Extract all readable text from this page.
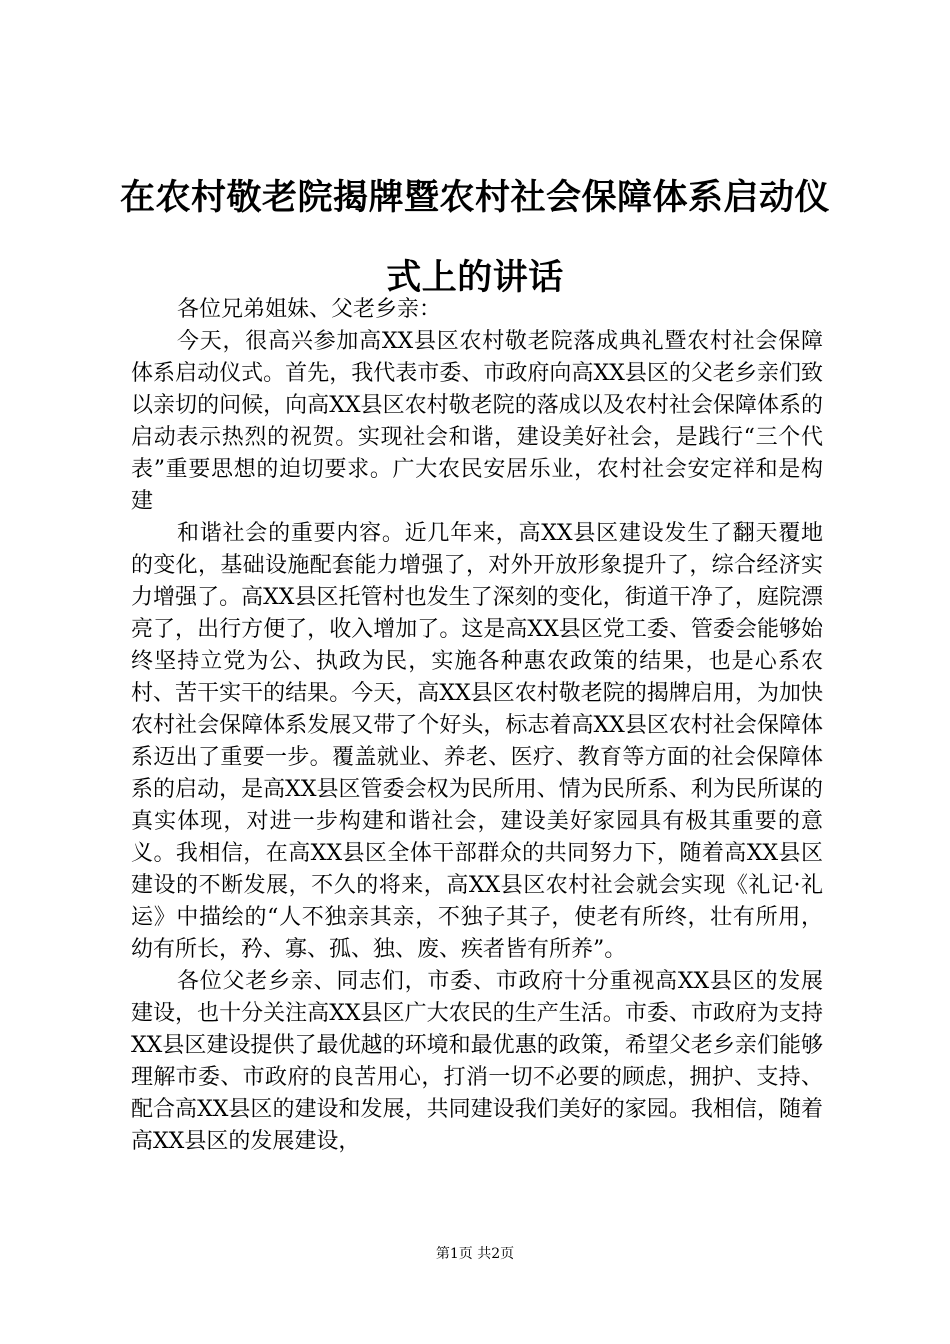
在农村敬老院揭牌暨农村社会保障体系启动仪式上的讲话

各位兄弟姐妹、父老乡亲：

今天，很高兴参加高XX县区农村敬老院落成典礼暨农村社会保障体系启动仪式。首先，我代表市委、市政府向高XX县区的父老乡亲们致以亲切的问候，向高XX县区农村敬老院的落成以及农村社会保障体系的启动表示热烈的祝贺。实现社会和谐，建设美好社会，是践行“三个代表”重要思想的迫切要求。广大农民安居乐业，农村社会安定祥和是构建

和谐社会的重要内容。近几年来，高XX县区建设发生了翻天覆地的变化，基础设施配套能力增强了，对外开放形象提升了，综合经济实力增强了。高XX县区托管村也发生了深刻的变化，街道干净了，庭院漂亮了，出行方便了，收入增加了。这是高XX县区党工委、管委会能够始终坚持立党为公、执政为民，实施各种惠农政策的结果，也是心系农村、苦干实干的结果。今天，高XX县区农村敬老院的揭牌启用，为加快农村社会保障体系发展又带了个好头，标志着高XX县区农村社会保障体系迈出了重要一步。覆盖就业、养老、医疗、教育等方面的社会保障体系的启动，是高XX县区管委会权为民所用、情为民所系、利为民所谋的真实体现，对进一步构建和谐社会，建设美好家园具有极其重要的意义。我相信，在高XX县区全体干部群众的共同努力下，随着高XX县区建设的不断发展，不久的将来，高XX县区农村社会就会实现《礼记·礼运》中描绘的“人不独亲其亲，不独子其子，使老有所终，壮有所用，幼有所长，矜、寡、孤、独、废、疾者皆有所养”。

各位父老乡亲、同志们，市委、市政府十分重视高XX县区的发展建设，也十分关注高XX县区广大农民的生产生活。市委、市政府为支持XX县区建设提供了最优越的环境和最优惠的政策，希望父老乡亲们能够理解市委、市政府的良苦用心，打消一切不必要的顾虑，拥护、支持、配合高XX县区的建设和发展，共同建设我们美好的家园。我相信，随着高XX县区的发展建设，

第1页 共2页
